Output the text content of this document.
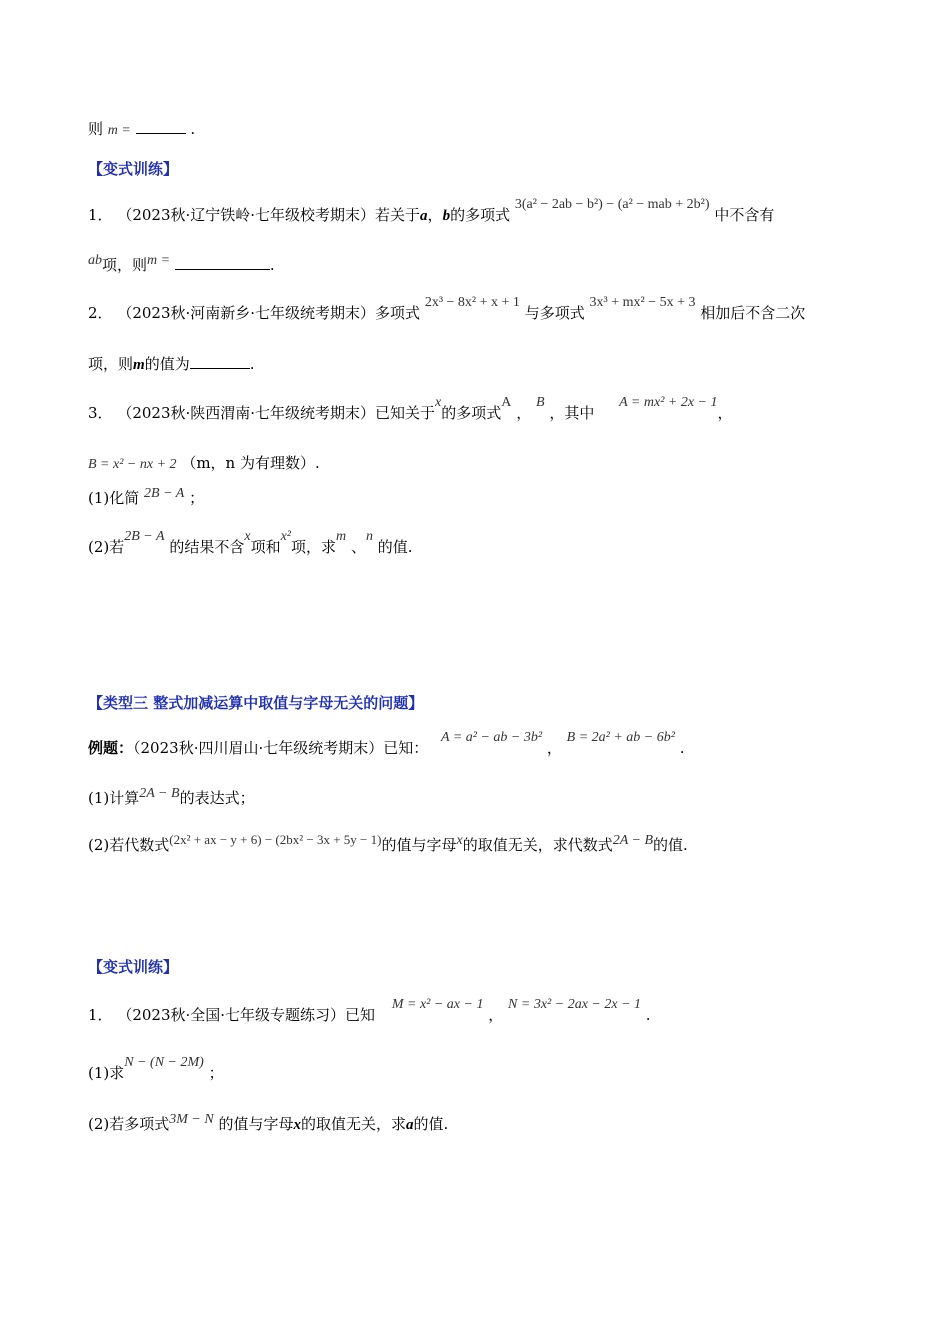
则 m =	.
【变式训练】
1． （2023秋·辽宁铁岭·七年级校考期末）若关于a，b的多项式 3(a² − 2ab − b²) − (a² − mab + 2b²) 中不含有
ab项，则m =	.
2． （2023秋·河南新乡·七年级统考期末）多项式 2x³ − 8x² + x + 1 与多项式 3x³ + mx² − 5x + 3 相加后不含二次
项，则m的值为	.
3． （2023秋·陕西渭南·七年级统考期末）已知关于x的多项式A ， B ，其中 A = mx² + 2x − 1，
B = x² − nx + 2 （m，n 为有理数）.
(1)化简 2B − A ；
(2)若2B − A 的结果不含x项和x²项，求m 、n 的值.
【类型三 整式加减运算中取值与字母无关的问题】
例题：（2023秋·四川眉山·七年级统考期末）已知： A = a² − ab − 3b² ， B = 2a² + ab − 6b² .
(1)计算2A − B的表达式；
(2)若代数式(2x² + ax − y + 6) − (2bx² − 3x + 5y − 1)的值与字母x的取值无关，求代数式2A − B的值.
【变式训练】
1． （2023秋·全国·七年级专题练习）已知 M = x² − ax − 1 ， N = 3x² − 2ax − 2x − 1 .
(1)求N − (N − 2M) ；
(2)若多项式3M − N 的值与字母x的取值无关，求a的值.
